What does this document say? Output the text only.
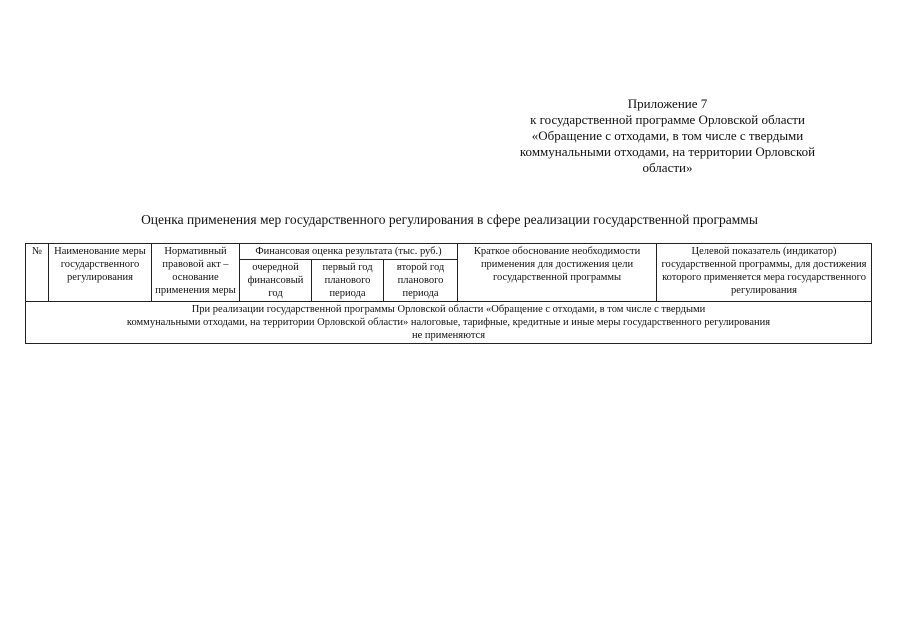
Приложение 7
к государственной программе Орловской области
«Обращение с отходами, в том числе с твердыми
коммунальными отходами, на территории Орловской
области»
Оценка применения мер государственного регулирования в сфере реализации государственной программы
№	Наименование меры государственного регулирования	Нормативный правовой акт – основание применения меры	Финансовая оценка результата (тыс. руб.)			Краткое обоснование необходимости применения для достижения цели государственной программы	Целевой показатель (индикатор) государственной программы, для достижения которого применяется мера государственного регулирования
			очередной финансовый год	первый год планового периода	второй год планового периода		

При реализации государственной программы Орловской области «Обращение с отходами, в том числе с твердыми
коммунальными отходами, на территории Орловской области» налоговые, тарифные, кредитные и иные меры государственного регулирования
не применяются							
